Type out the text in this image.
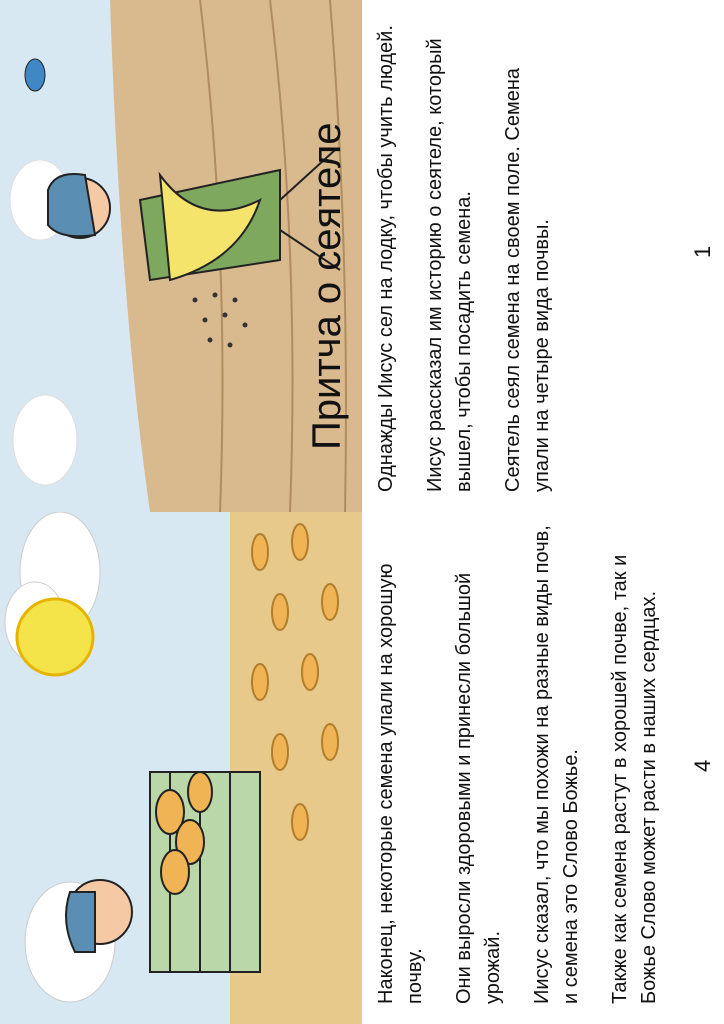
Притча о сеятеле Однажды Иисус сел на лодку, чтобы учить людей. Иисус рассказал им историю о сеятеле, который вышел, чтобы посадить семена. Сеятель сеял семена на своем поле. Семена упали на четыре вида почвы.	1

Наконец, некоторые семена упали на хорошую почву. Они выросли здоровыми и принесли большой урожай. Иисус сказал, что мы похожи на разные виды почв, и семена это Слово Божье. Также как семена растут в хорошей почве, так и Божье Слово может расти в наших сердцах. 4
